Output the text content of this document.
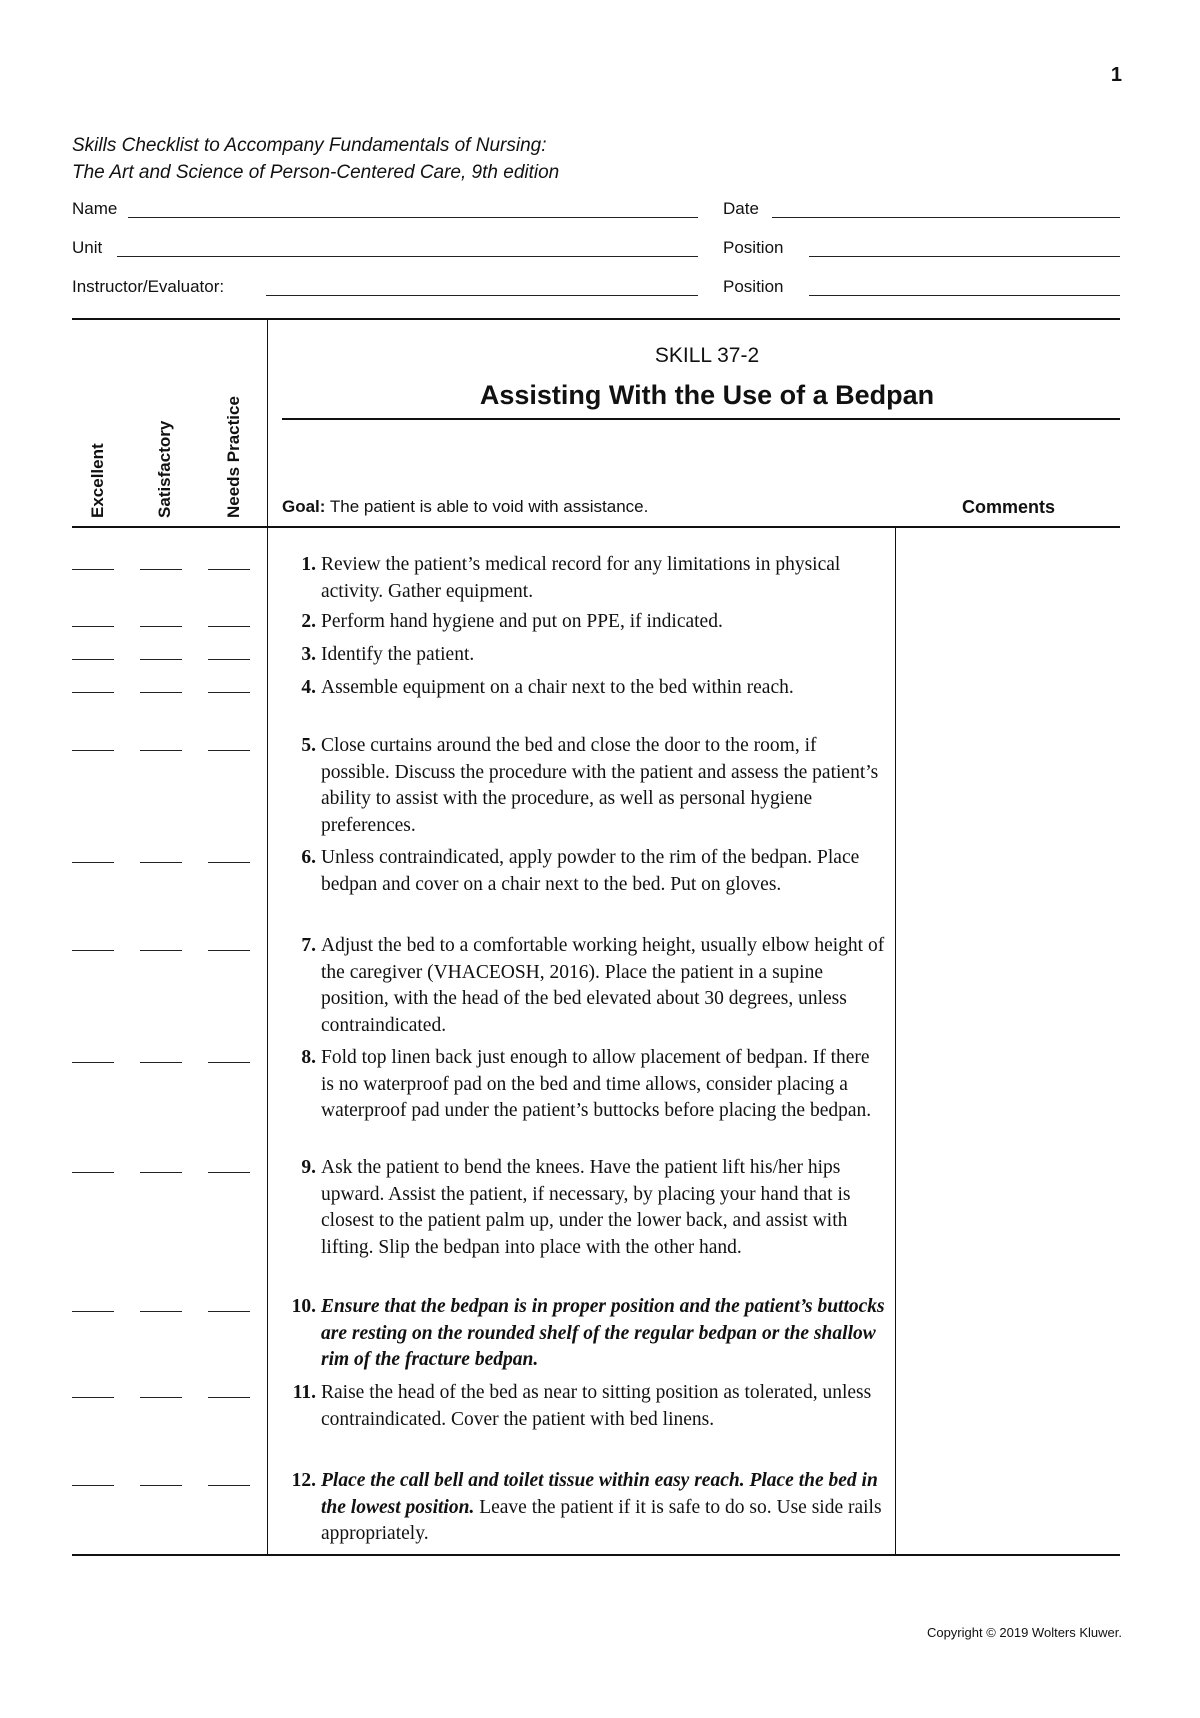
1
Skills Checklist to Accompany Fundamentals of Nursing:
The Art and Science of Person-Centered Care, 9th edition
Name	Date
Unit	Position
Instructor/Evaluator:	Position
Excellent	Satisfactory	Needs Practice
SKILL 37-2
Assisting With the Use of a Bedpan
Goal: The patient is able to void with assistance.	Comments
1. Review the patient’s medical record for any limitations in physical activity. Gather equipment.
2. Perform hand hygiene and put on PPE, if indicated.
3. Identify the patient.
4. Assemble equipment on a chair next to the bed within reach.
5. Close curtains around the bed and close the door to the room, if possible. Discuss the procedure with the patient and assess the patient’s ability to assist with the procedure, as well as personal hygiene preferences.
6. Unless contraindicated, apply powder to the rim of the bedpan. Place bedpan and cover on a chair next to the bed. Put on gloves.
7. Adjust the bed to a comfortable working height, usually elbow height of the caregiver (VHACEOSH, 2016). Place the patient in a supine position, with the head of the bed elevated about 30 degrees, unless contraindicated.
8. Fold top linen back just enough to allow placement of bedpan. If there is no waterproof pad on the bed and time allows, consider placing a waterproof pad under the patient’s buttocks before placing the bedpan.
9. Ask the patient to bend the knees. Have the patient lift his/her hips upward. Assist the patient, if necessary, by placing your hand that is closest to the patient palm up, under the lower back, and assist with lifting. Slip the bedpan into place with the other hand.
10. Ensure that the bedpan is in proper position and the patient’s buttocks are resting on the rounded shelf of the regular bedpan or the shallow rim of the fracture bedpan.
11. Raise the head of the bed as near to sitting position as tolerated, unless contraindicated. Cover the patient with bed linens.
12. Place the call bell and toilet tissue within easy reach. Place the bed in the lowest position. Leave the patient if it is safe to do so. Use side rails appropriately.
Copyright © 2019 Wolters Kluwer.
